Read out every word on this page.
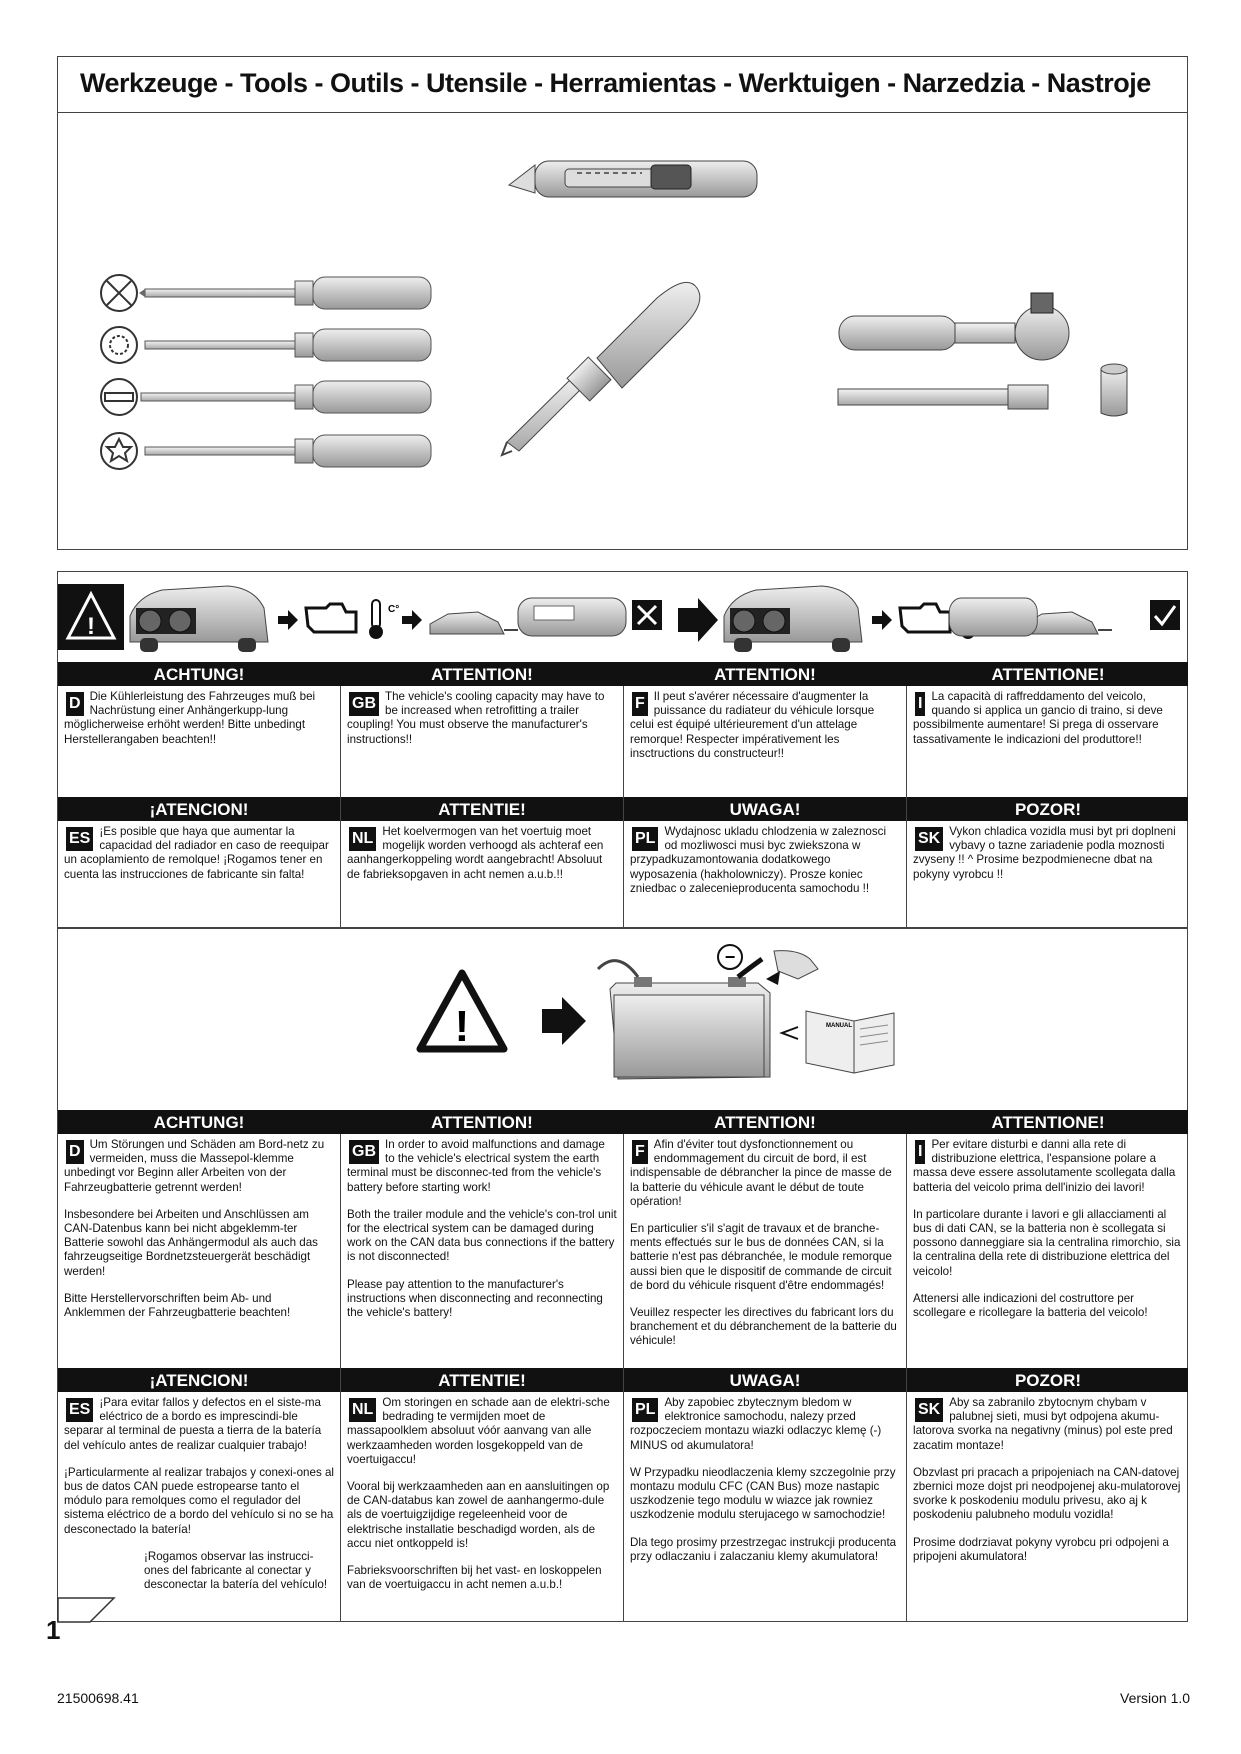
Werkzeuge - Tools - Outils - Utensile - Herramientas - Werktuigen - Narzedzia - Nastroje
!
C°
ACHTUNG!	ATTENTION!	ATTENTION!	ATTENTIONE!
D Die Kühlerleistung des Fahrzeuges muß bei Nachrüstung einer Anhängerkupp-lung möglicherweise erhöht werden! Bitte unbedingt Herstellerangaben beachten!!
GB The vehicle's cooling capacity may have to be increased when retrofitting a trailer coupling! You must observe the manufacturer's instructions!!
F Il peut s'avérer nécessaire d'augmenter la puissance du radiateur du véhicule lorsque celui est équipé ultérieurement d'un attelage remorque! Respecter impérativement les insctructions du constructeur!!
I La capacità di raffreddamento del veicolo, quando si applica un gancio di traino, si deve possibilmente aumentare! Si prega di osservare tassativamente le indicazioni del produttore!!
¡ATENCION!	ATTENTIE!	UWAGA!	POZOR!
ES ¡Es posible que haya que aumentar la capacidad del radiador en caso de reequipar un acoplamiento de remolque! ¡Rogamos tener en cuenta las instrucciones de fabricante sin falta!
NL Het koelvermogen van het voertuig moet mogelijk worden verhoogd als achteraf een aanhangerkoppeling wordt aangebracht! Absoluut de fabrieksopgaven in acht nemen a.u.b.!!
PL Wydajnosc ukladu chlodzenia w zaleznosci od mozliwosci musi byc zwiekszona w przypadkuzamontowania dodatkowego wyposazenia (hakholowniczy). Prosze koniec zniedbac o zalecenieproducenta samochodu !!
SK Vykon chladica vozidla musi byt pri doplneni vybavy o tazne zariadenie podla moznosti zvyseny !! ^ Prosime bezpodmienecne dbat na pokyny vyrobcu !!
!
−
MANUAL
ACHTUNG!	ATTENTION!	ATTENTION!	ATTENTIONE!
D Um Störungen und Schäden am Bord-netz zu vermeiden, muss die Massepol-klemme unbedingt vor Beginn aller Arbeiten von der Fahrzeugbatterie getrennt werden!

Insbesondere bei Arbeiten und Anschlüssen am CAN-Datenbus kann bei nicht abgeklemm-ter Batterie sowohl das Anhängermodul als auch das fahrzeugseitige Bordnetzsteuergerät beschädigt werden!

Bitte Herstellervorschriften beim Ab- und Anklemmen der Fahrzeugbatterie beachten!

GB In order to avoid malfunctions and damage to the vehicle's electrical system the earth terminal must be disconnec-ted from the vehicle's battery before starting work!

Both the trailer module and the vehicle's con-trol unit for the electrical system can be damaged during work on the CAN data bus connections if the battery is not disconnected!

Please pay attention to the manufacturer's instructions when disconnecting and reconnecting the vehicle's battery!

F Afin d'éviter tout dysfonctionnement ou endommagement du circuit de bord, il est indispensable de débrancher la pince de masse de la batterie du véhicule avant le début de toute opération!

En particulier s'il s'agit de travaux et de branche-ments effectués sur le bus de données CAN, si la batterie n'est pas débranchée, le module remorque aussi bien que le dispositif de commande de circuit de bord du véhicule risquent d'être endommagés!

Veuillez respecter les directives du fabricant lors du branchement et du débranchement de la batterie du véhicule!

I Per evitare disturbi e danni alla rete di distribuzione elettrica, l'espansione polare a massa deve essere assolutamente scollegata dalla batteria del veicolo prima dell'inizio dei lavori!

In particolare durante i lavori e gli allacciamenti al bus di dati CAN, se la batteria non è scollegata si possono danneggiare sia la centralina rimorchio, sia la centralina della rete di distribuzione elettrica del veicolo!

Attenersi alle indicazioni del costruttore per scollegare e ricollegare la batteria del veicolo!

¡ATENCION!	ATTENTIE!	UWAGA!	POZOR!
ES ¡Para evitar fallos y defectos en el siste-ma eléctrico de a bordo es imprescindi-ble separar al terminal de puesta a tierra de la batería del vehículo antes de realizar cualquier trabajo!

¡Particularmente al realizar trabajos y conexi-ones al bus de datos CAN puede estropearse tanto el módulo para remolques como el regulador del sistema eléctrico de a bordo del vehículo si no se ha desconectado la batería!

¡Rogamos observar las instrucci-ones del fabricante al conectar y desconectar la batería del vehículo!

NL Om storingen en schade aan de elektri-sche bedrading te vermijden moet de massapoolklem absoluut vóór aanvang van alle werkzaamheden worden losgekoppeld van de voertuigaccu!

Vooral bij werkzaamheden aan en aansluitingen op de CAN-databus kan zowel de aanhangermo-dule als de voertuigzijdige regeleenheid voor de elektrische installatie beschadigd worden, als de accu niet ontkoppeld is!

Fabrieksvoorschriften bij het vast- en loskoppelen van de voertuigaccu in acht nemen a.u.b.!

PL Aby zapobiec zbytecznym bledom w elektronice samochodu, nalezy przed rozpoczeciem montazu wiazki odlaczyc klemę (-) MINUS od akumulatora!

W Przypadku nieodlaczenia klemy szczegolnie przy montazu modulu CFC (CAN Bus) moze nastapic uszkodzenie tego modulu w wiazce jak rowniez uszkodzenie modulu sterujacego w samochodzie!

Dla tego prosimy przestrzegac instrukcji producenta przy odlaczaniu i zalaczaniu klemy akumulatora!

SK Aby sa zabranilo zbytocnym chybam v palubnej sieti, musi byt odpojena akumu-latorova svorka na negativny (minus) pol este pred zacatim montaze!

Obzvlast pri pracach a pripojeniach na CAN-datovej zbernici moze dojst pri neodpojenej aku-mulatorovej svorke k poskodeniu modulu privesu, ako aj k poskodeniu palubneho modulu vozidla!

Prosime dodrziavat pokyny vyrobcu pri odpojeni a pripojeni akumulatora!

1
21500698.41	Version 1.0
